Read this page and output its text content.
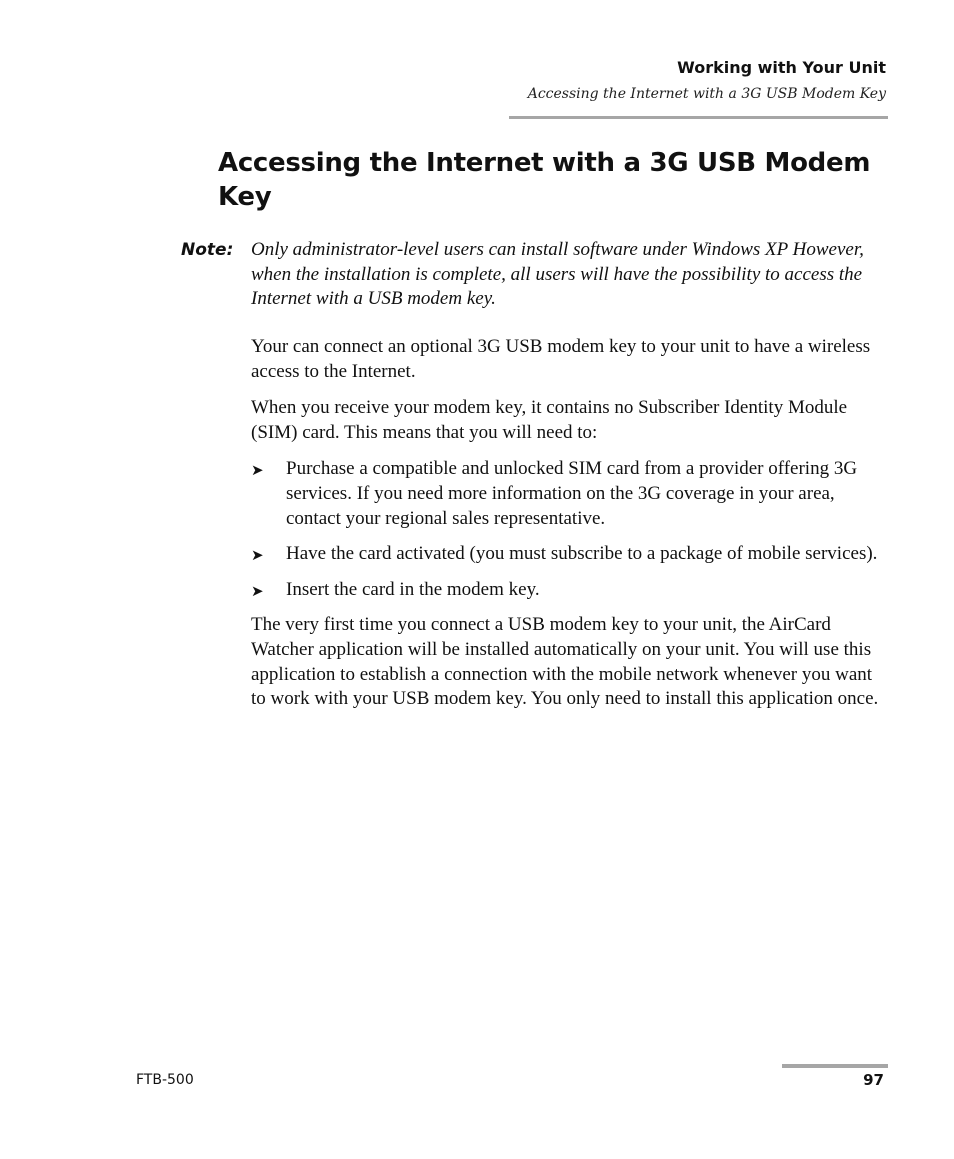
Working with Your Unit
Accessing the Internet with a 3G USB Modem Key
Accessing the Internet with a 3G USB Modem Key
Note: Only administrator-level users can install software under Windows XP However, when the installation is complete, all users will have the possibility to access the Internet with a USB modem key.

Your can connect an optional 3G USB modem key to your unit to have a wireless access to the Internet.

When you receive your modem key, it contains no Subscriber Identity Module (SIM) card. This means that you will need to:

➤ Purchase a compatible and unlocked SIM card from a provider offering 3G services. If you need more information on the 3G coverage in your area, contact your regional sales representative.
➤ Have the card activated (you must subscribe to a package of mobile services).
➤ Insert the card in the modem key.

The very first time you connect a USB modem key to your unit, the AirCard Watcher application will be installed automatically on your unit. You will use this application to establish a connection with the mobile network whenever you want to work with your USB modem key. You only need to install this application once.

FTB-500	97
